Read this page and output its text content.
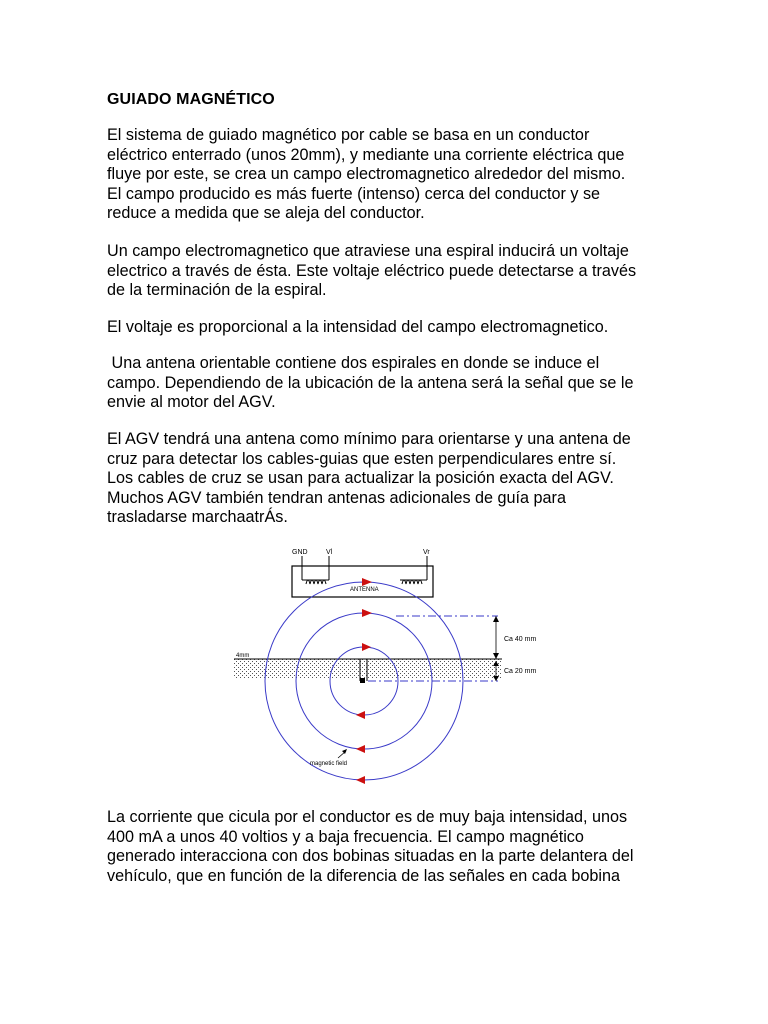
GUIADO MAGNÉTICO
El sistema de guiado magnético por cable se basa en un conductor
eléctrico enterrado (unos 20mm), y mediante una corriente eléctrica que
fluye por este, se crea un campo electromagnetico alrededor del mismo.
El campo producido es más fuerte (intenso) cerca del conductor y se
reduce a medida que se aleja del conductor.
Un campo electromagnetico que atraviese una espiral inducirá un voltaje
electrico a través de ésta. Este voltaje eléctrico puede detectarse a través
de la terminación de la espiral.
El voltaje es proporcional a la intensidad del campo electromagnetico.
Una antena orientable contiene dos espirales en donde se induce el
campo. Dependiendo de la ubicación de la antena será la señal que se le
envie al motor del AGV.
El AGV tendrá una antena como mínimo para orientarse y una antena de
cruz para detectar los cables-guias que esten perpendiculares entre sí.
Los cables de cruz se usan para actualizar la posición exacta del AGV.
Muchos AGV también tendran antenas adicionales de guía para
trasladarse marchaatrÁs.
GND	Vl	Vr
ANTENNA
Ca 40 mm
Ca 20 mm
4mm
magnetic field
La corriente que cicula por el conductor es de muy baja intensidad, unos
400 mA a unos 40 voltios y a baja frecuencia. El campo magnético
generado interacciona con dos bobinas situadas en la parte delantera del
vehículo, que en función de la diferencia de las señales en cada bobina
